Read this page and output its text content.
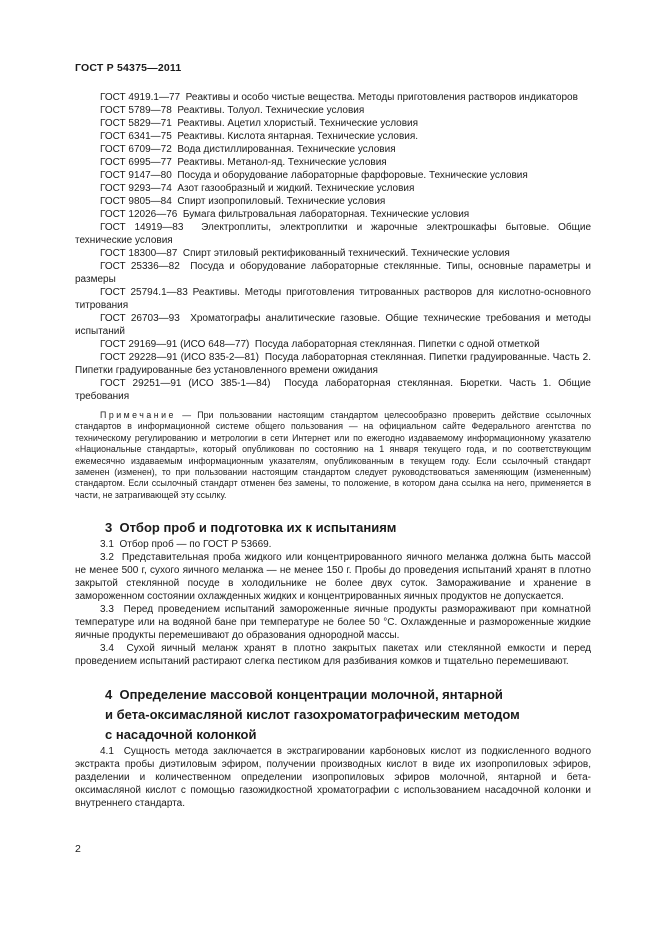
ГОСТ Р 54375—2011

ГОСТ 4919.1—77  Реактивы и особо чистые вещества. Методы приготовления растворов индикаторов

ГОСТ 5789—78  Реактивы. Толуол. Технические условия

ГОСТ 5829—71  Реактивы. Ацетил хлористый. Технические условия

ГОСТ 6341—75  Реактивы. Кислота янтарная. Технические условия.

ГОСТ 6709—72  Вода дистиллированная. Технические условия

ГОСТ 6995—77  Реактивы. Метанол-яд. Технические условия

ГОСТ 9147—80  Посуда и оборудование лабораторные фарфоровые. Технические условия

ГОСТ 9293—74  Азот газообразный и жидкий. Технические условия

ГОСТ 9805—84  Спирт изопропиловый. Технические условия

ГОСТ 12026—76  Бумага фильтровальная лабораторная. Технические условия

ГОСТ 14919—83  Электроплиты, электроплитки и жарочные электрошкафы бытовые. Общие технические условия

ГОСТ 18300—87  Спирт этиловый ректификованный технический. Технические условия

ГОСТ 25336—82  Посуда и оборудование лабораторные стеклянные. Типы, основные параметры и размеры

ГОСТ 25794.1—83 Реактивы. Методы приготовления титрованных растворов для кислотно-основного титрования

ГОСТ 26703—93  Хроматографы аналитические газовые. Общие технические требования и методы испытаний

ГОСТ 29169—91 (ИСО 648—77)  Посуда лабораторная стеклянная. Пипетки с одной отметкой

ГОСТ 29228—91 (ИСО 835-2—81)  Посуда лабораторная стеклянная. Пипетки градуированные. Часть 2. Пипетки градуированные без установленного времени ожидания

ГОСТ 29251—91 (ИСО 385-1—84)  Посуда лабораторная стеклянная. Бюретки. Часть 1. Общие требования

Примечание — При пользовании настоящим стандартом целесообразно проверить действие ссылочных стандартов в информационной системе общего пользования — на официальном сайте Федерального агентства по техническому регулированию и метрологии в сети Интернет или по ежегодно издаваемому информационному указателю «Национальные стандарты», который опубликован по состоянию на 1 января текущего года, и по соответствующим ежемесячно издаваемым информационным указателям, опубликованным в текущем году. Если ссылочный стандарт заменен (изменен), то при пользовании настоящим стандартом следует руководствоваться заменяющим (измененным) стандартом. Если ссылочный стандарт отменен без замены, то положение, в котором дана ссылка на него, применяется в части, не затрагивающей эту ссылку.

3  Отбор проб и подготовка их к испытаниям

3.1  Отбор проб — по ГОСТ Р 53669.

3.2  Представительная проба жидкого или концентрированного яичного меланжа должна быть массой не менее 500 г, сухого яичного меланжа — не менее 150 г. Пробы до проведения испытаний хранят в плотно закрытой стеклянной посуде в холодильнике не более двух суток. Замораживание и хранение в замороженном состоянии охлажденных жидких и концентрированных яичных продуктов не допускается.

3.3  Перед проведением испытаний замороженные яичные продукты размораживают при комнатной температуре или на водяной бане при температуре не более 50 °С. Охлажденные и размороженные жидкие яичные продукты перемешивают до образования однородной массы.

3.4  Сухой яичный меланж хранят в плотно закрытых пакетах или стеклянной емкости и перед проведением испытаний растирают слегка пестиком для разбивания комков и тщательно перемешивают.

4  Определение массовой концентрации молочной, янтарной
и бета-оксимасляной кислот газохроматографическим методом
с насадочной колонкой

4.1  Сущность метода заключается в экстрагировании карбоновых кислот из подкисленного водного экстракта пробы диэтиловым эфиром, получении производных кислот в виде их изопропиловых эфиров, разделении и количественном определении изопропиловых эфиров молочной, янтарной и бета-оксимасляной кислот с помощью газожидкостной хроматографии с использованием насадочной колонки и внутреннего стандарта.

2
